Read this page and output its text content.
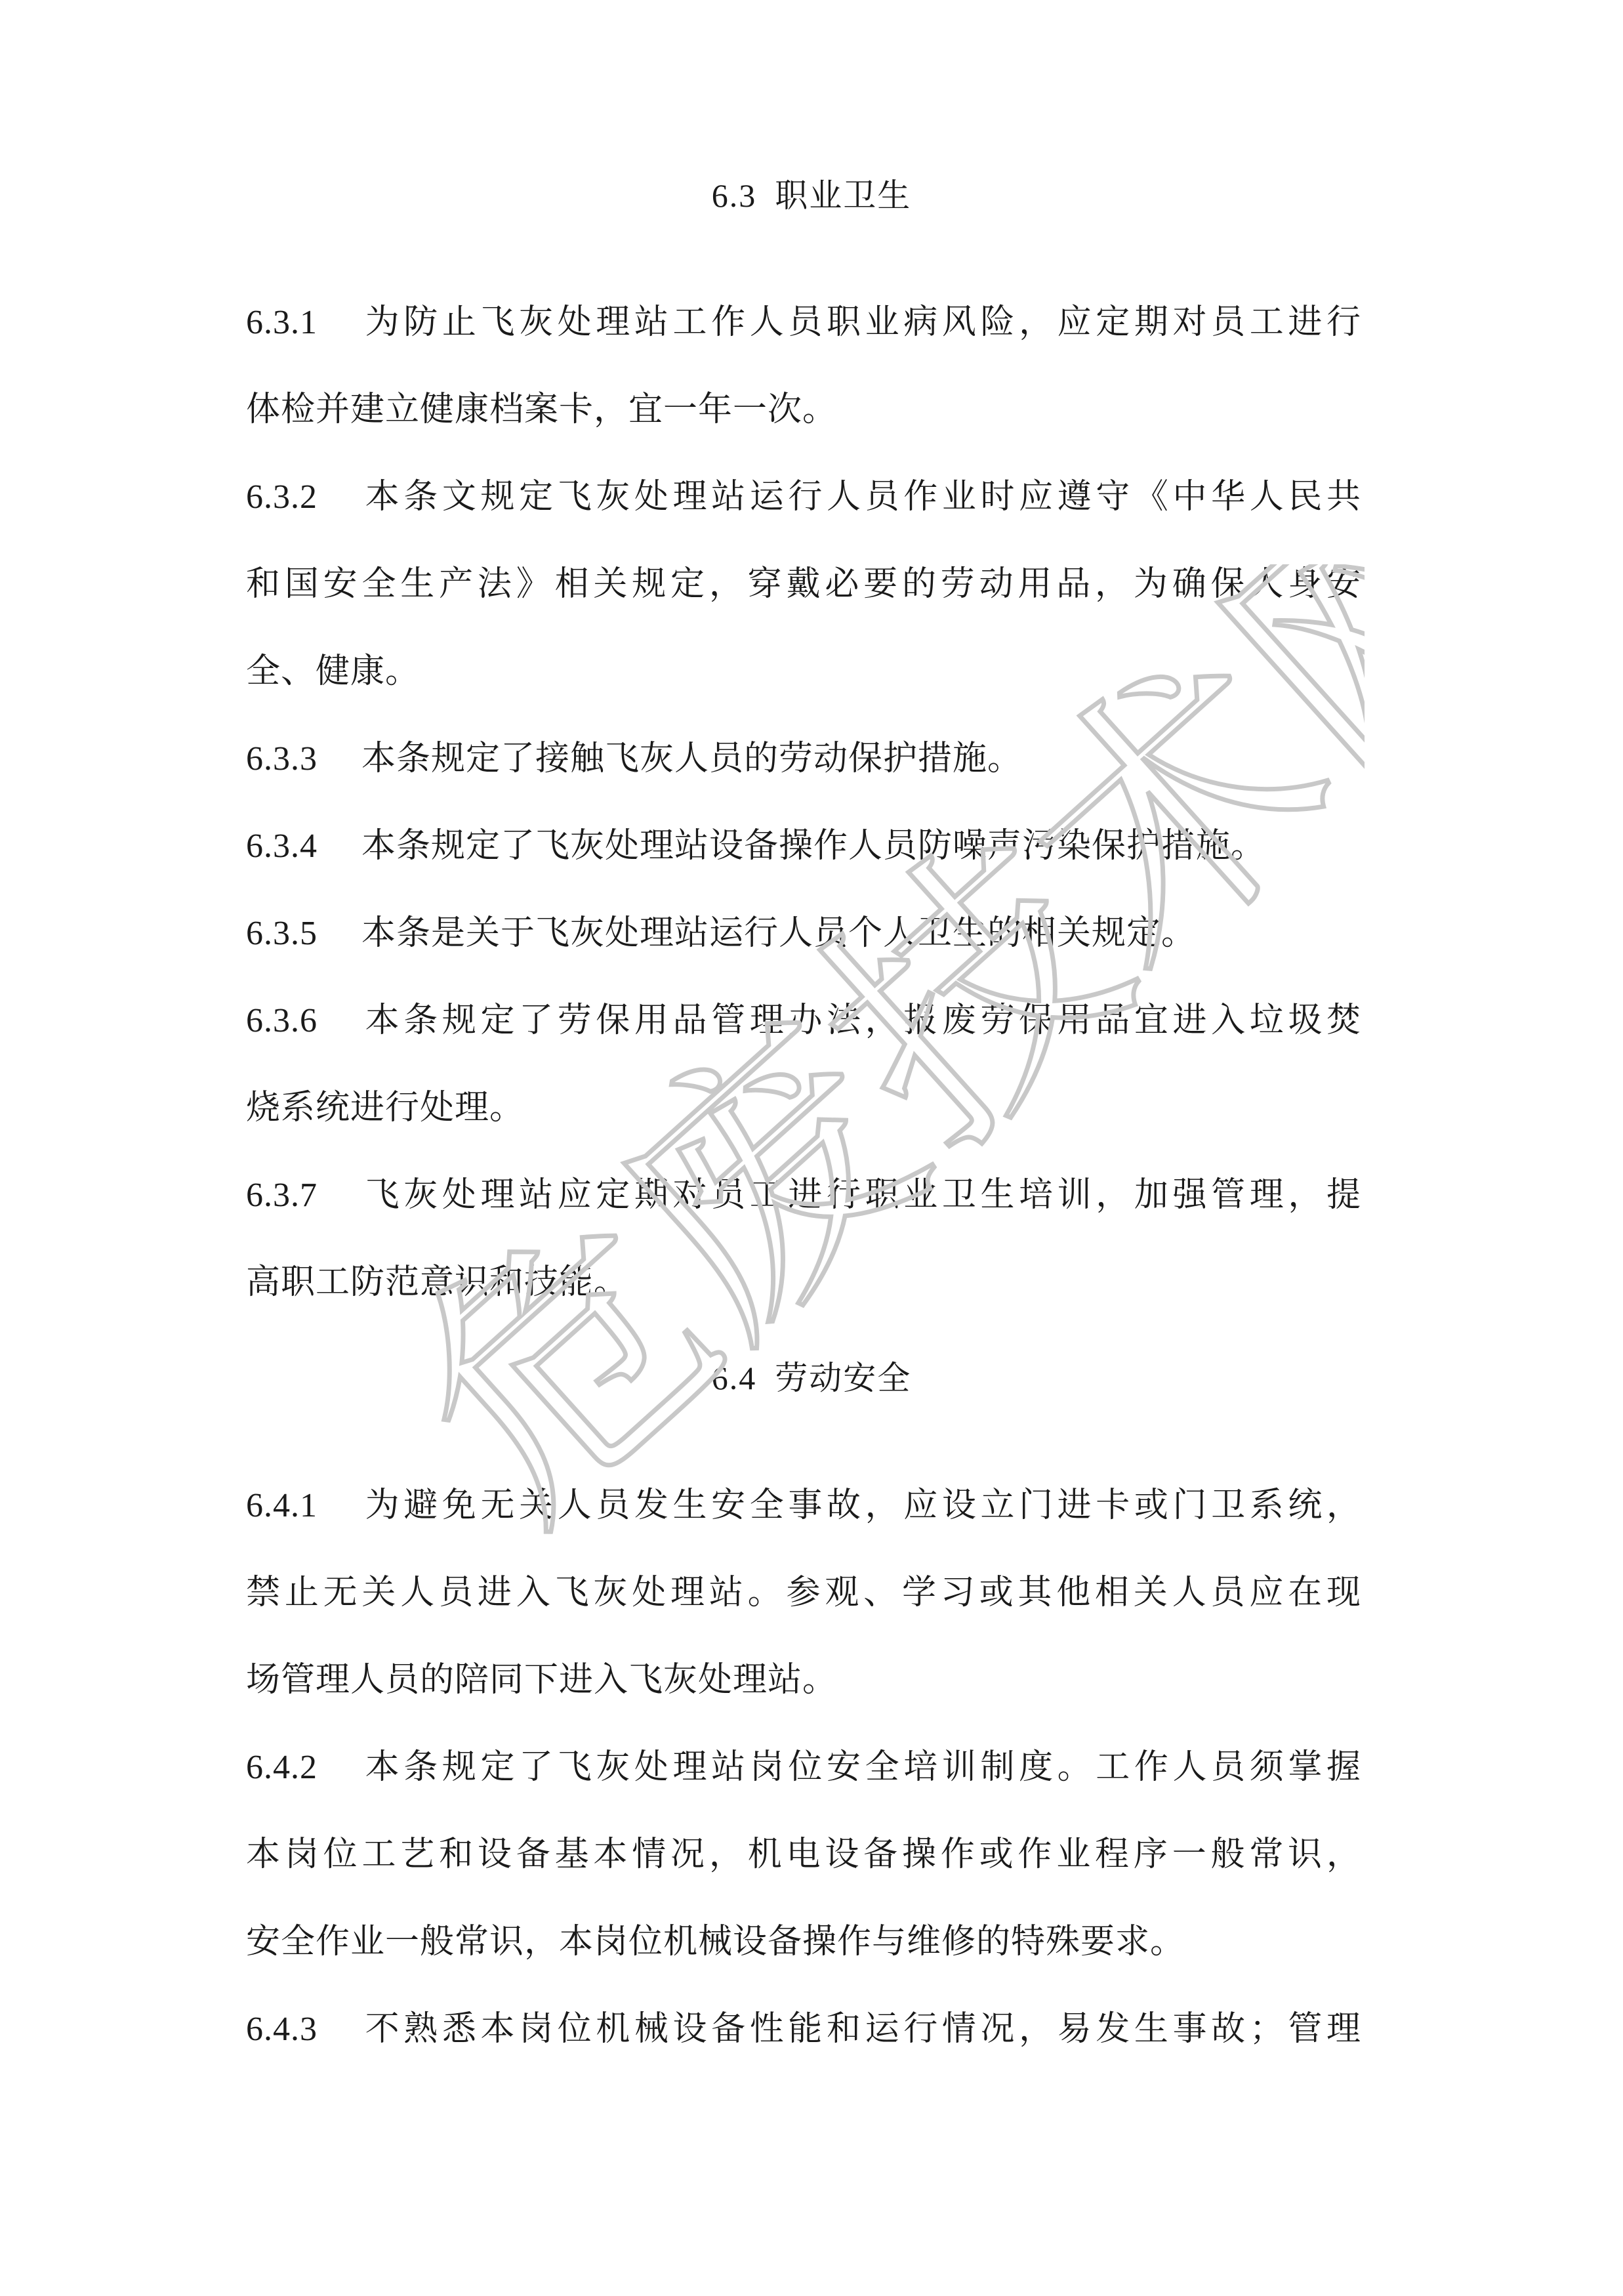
6.3 职业卫生
6.3.1 为防止飞灰处理站工作人员职业病风险，应定期对员工进行
体检并建立健康档案卡，宜一年一次。
6.3.2 本条文规定飞灰处理站运行人员作业时应遵守《中华人民共
和国安全生产法》相关规定，穿戴必要的劳动用品，为确保人身安
全、健康。
6.3.3 本条规定了接触飞灰人员的劳动保护措施。
6.3.4 本条规定了飞灰处理站设备操作人员防噪声污染保护措施。
6.3.5 本条是关于飞灰处理站运行人员个人卫生的相关规定。
6.3.6 本条规定了劳保用品管理办法，报废劳保用品宜进入垃圾焚
烧系统进行处理。
6.3.7 飞灰处理站应定期对员工进行职业卫生培训，加强管理，提
高职工防范意识和技能。
6.4 劳动安全
6.4.1 为避免无关人员发生安全事故，应设立门进卡或门卫系统，
禁止无关人员进入飞灰处理站。参观、学习或其他相关人员应在现
场管理人员的陪同下进入飞灰处理站。
6.4.2 本条规定了飞灰处理站岗位安全培训制度。工作人员须掌握
本岗位工艺和设备基本情况，机电设备操作或作业程序一般常识，
安全作业一般常识，本岗位机械设备操作与维修的特殊要求。
6.4.3 不熟悉本岗位机械设备性能和运行情况，易发生事故；管理
危废技术网
